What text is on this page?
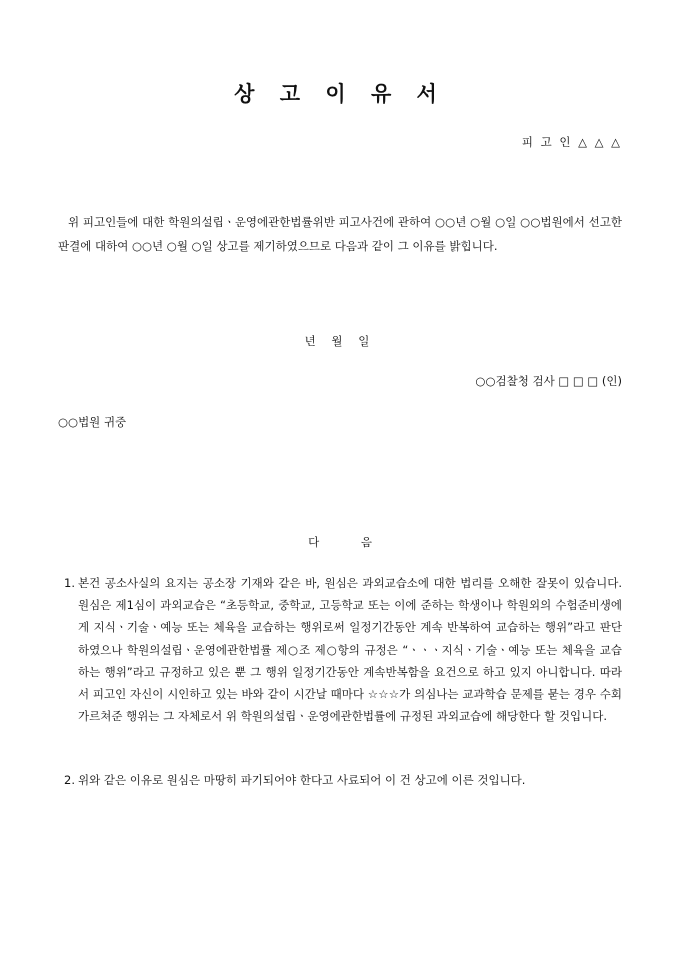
상 고 이 유 서
피 고 인 △ △ △

위 피고인들에 대한 학원의설립ㆍ운영에관한법률위반 피고사건에 관하여 ○○년 ○월 ○일 ○○법원에서 선고한 판결에 대하여 ○○년 ○월 ○일 상고를 제기하였으므로 다음과 같이 그 이유를 밝힙니다.

년 월 일
○○검찰청 검사 □ □ □ (인)
○○법원 귀중
다 음
1. 본건 공소사실의 요지는 공소장 기재와 같은 바, 원심은 과외교습소에 대한 법리를 오해한 잘못이 있습니다. 원심은 제1심이 과외교습은 “초등학교, 중학교, 고등학교 또는 이에 준하는 학생이나 학원외의 수험준비생에게 지식ㆍ기술ㆍ예능 또는 체육을 교습하는 행위로써 일정기간동안 계속 반복하여 교습하는 행위”라고 판단하였으나 학원의설립ㆍ운영에관한법률 제○조 제○항의 규정은 “ㆍㆍㆍ지식ㆍ기술ㆍ예능 또는 체육을 교습하는 행위”라고 규정하고 있은 뿐 그 행위 일정기간동안 계속반복함을 요건으로 하고 있지 아니합니다. 따라서 피고인 자신이 시인하고 있는 바와 같이 시간날 때마다 ☆☆☆가 의심나는 교과학습 문제를 묻는 경우 수회 가르쳐준 행위는 그 자체로서 위 학원의설립ㆍ운영에관한법률에 규정된 과외교습에 해당한다 할 것입니다.
2. 위와 같은 이유로 원심은 마땅히 파기되어야 한다고 사료되어 이 건 상고에 이른 것입니다.
